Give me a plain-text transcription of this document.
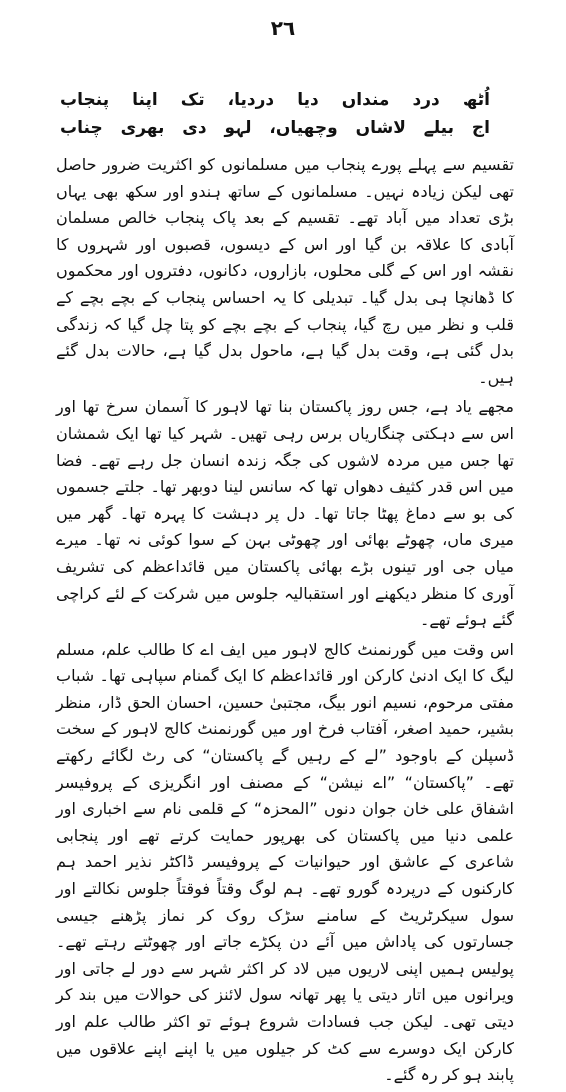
٢٦
اُٹھ
درد
منداں
دیا
دردیا،
تک
اپنا
پنجاب
اج
بیلے
لاشاں
وچھیاں،
لہو
دی
بھری
چناب

تقسیم سے پہلے پورے پنجاب میں مسلمانوں کو اکثریت ضرور حاصل تھی لیکن زیادہ نہیں۔ مسلمانوں کے ساتھ ہندو اور سکھ بھی یہاں بڑی تعداد میں آباد تھے۔ تقسیم کے بعد پاک پنجاب خالص مسلمان آبادی کا علاقہ بن گیا اور اس کے دیسوں، قصبوں اور شہروں کا نقشہ اور اس کے گلی محلوں، بازاروں، دکانوں، دفتروں اور محکموں کا ڈھانچا ہی بدل گیا۔ تبدیلی کا یہ احساس پنجاب کے بچے بچے کے قلب و نظر میں رچ گیا، پنجاب کے بچے بچے کو پتا چل گیا کہ زندگی بدل گئی ہے، وقت بدل گیا ہے، ماحول بدل گیا ہے، حالات بدل گئے ہیں۔

مجھے یاد ہے، جس روز پاکستان بنا تھا لاہور کا آسمان سرخ تھا اور اس سے دہکتی چنگاریاں برس رہی تھیں۔ شہر کیا تھا ایک شمشان تھا جس میں مردہ لاشوں کی جگہ زندہ انسان جل رہے تھے۔ فضا میں اس قدر کثیف دھواں تھا کہ سانس لینا دوبھر تھا۔ جلتے جسموں کی بو سے دماغ پھٹا جاتا تھا۔ دل پر دہشت کا پہرہ تھا۔ گھر میں میری ماں، چھوٹے بھائی اور چھوٹی بہن کے سوا کوئی نہ تھا۔ میرے میاں جی اور تینوں بڑے بھائی پاکستان میں قائداعظم کی تشریف آوری کا منظر دیکھنے اور استقبالیہ جلوس میں شرکت کے لئے کراچی گئے ہوئے تھے۔

اس وقت میں گورنمنٹ کالج لاہور میں ایف اے کا طالب علم، مسلم لیگ کا ایک ادنیٰ کارکن اور قائداعظم کا ایک گمنام سپاہی تھا۔ شباب مفتی مرحوم، نسیم انور بیگ، مجتبیٰ حسین، احسان الحق ڈار، منظر بشیر، حمید اصغر، آفتاب فرخ اور میں گورنمنٹ کالج لاہور کے سخت ڈسپلن کے باوجود ”لے کے رہیں گے پاکستان“ کی رٹ لگائے رکھتے تھے۔ ”پاکستان“ ”اے نیشن“ کے مصنف اور انگریزی کے پروفیسر اشفاق علی خان جوان دنوں ”المحزہ“ کے قلمی نام سے اخباری اور علمی دنیا میں پاکستان کی بھرپور حمایت کرتے تھے اور پنجابی شاعری کے عاشق اور حیوانیات کے پروفیسر ڈاکٹر نذیر احمد ہم کارکنوں کے درپردہ گورو تھے۔ ہم لوگ وقتاً فوقتاً جلوس نکالتے اور سول سیکرٹریٹ کے سامنے سڑک روک کر نماز پڑھنے جیسی جسارتوں کی پاداش میں آئے دن پکڑے جاتے اور چھوٹتے رہتے تھے۔ پولیس ہمیں اپنی لاریوں میں لاد کر اکثر شہر سے دور لے جاتی اور ویرانوں میں اتار دیتی یا پھر تھانہ سول لائنز کی حوالات میں بند کر دیتی تھی۔ لیکن جب فسادات شروع ہوئے تو اکثر طالب علم اور کارکن ایک دوسرے سے کٹ کر جیلوں میں یا اپنے اپنے علاقوں میں پابند ہو کر رہ گئے۔
